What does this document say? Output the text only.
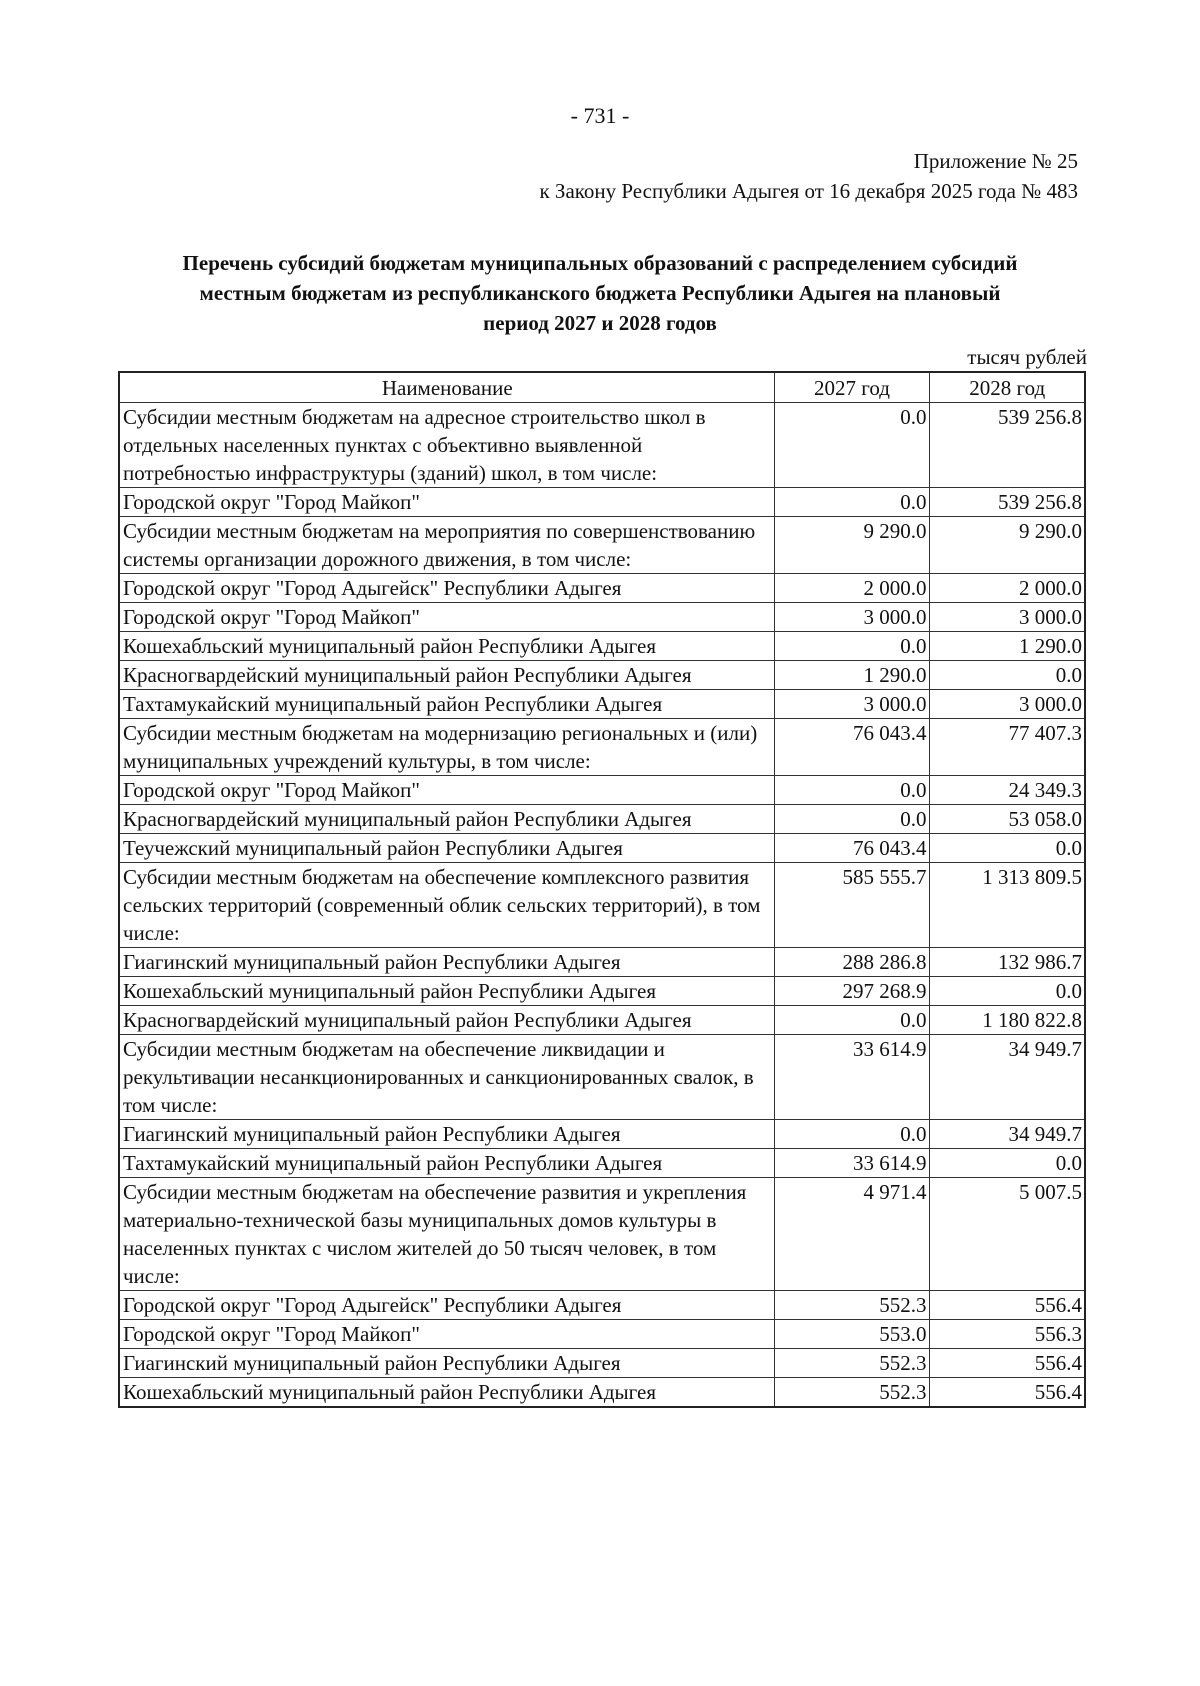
- 731 -
Приложение № 25
к Закону Республики Адыгея от 16 декабря 2025 года № 483
Перечень субсидий бюджетам муниципальных образований с распределением субсидий
местным бюджетам из республиканского бюджета Республики Адыгея на плановый
период 2027 и 2028 годов
тысяч рублей
Наименование	2027 год	2028 год
Субсидии местным бюджетам на адресное строительство школ в отдельных населенных пунктах с объективно выявленной потребностью инфраструктуры (зданий) школ, в том числе:	0.0	539 256.8
Городской округ "Город Майкоп"	0.0	539 256.8
Субсидии местным бюджетам на мероприятия по совершенствованию системы организации дорожного движения, в том числе:	9 290.0	9 290.0
Городской округ "Город Адыгейск" Республики Адыгея	2 000.0	2 000.0
Городской округ "Город Майкоп"	3 000.0	3 000.0
Кошехабльский муниципальный район Республики Адыгея	0.0	1 290.0
Красногвардейский муниципальный район Республики Адыгея	1 290.0	0.0
Тахтамукайский муниципальный район Республики Адыгея	3 000.0	3 000.0
Субсидии местным бюджетам на модернизацию региональных и (или) муниципальных учреждений культуры, в том числе:	76 043.4	77 407.3
Городской округ "Город Майкоп"	0.0	24 349.3
Красногвардейский муниципальный район Республики Адыгея	0.0	53 058.0
Теучежский муниципальный район Республики Адыгея	76 043.4	0.0
Субсидии местным бюджетам на обеспечение комплексного развития сельских территорий (современный облик сельских территорий), в том числе:	585 555.7	1 313 809.5
Гиагинский муниципальный район Республики Адыгея	288 286.8	132 986.7
Кошехабльский муниципальный район Республики Адыгея	297 268.9	0.0
Красногвардейский муниципальный район Республики Адыгея	0.0	1 180 822.8
Субсидии местным бюджетам на обеспечение ликвидации и рекультивации несанкционированных и санкционированных свалок, в том числе:	33 614.9	34 949.7
Гиагинский муниципальный район Республики Адыгея	0.0	34 949.7
Тахтамукайский муниципальный район Республики Адыгея	33 614.9	0.0
Субсидии местным бюджетам на обеспечение развития и укрепления материально-технической базы муниципальных домов культуры в населенных пунктах с числом жителей до 50 тысяч человек, в том числе:	4 971.4	5 007.5
Городской округ "Город Адыгейск" Республики Адыгея	552.3	556.4
Городской округ "Город Майкоп"	553.0	556.3
Гиагинский муниципальный район Республики Адыгея	552.3	556.4
Кошехабльский муниципальный район Республики Адыгея	552.3	556.4
